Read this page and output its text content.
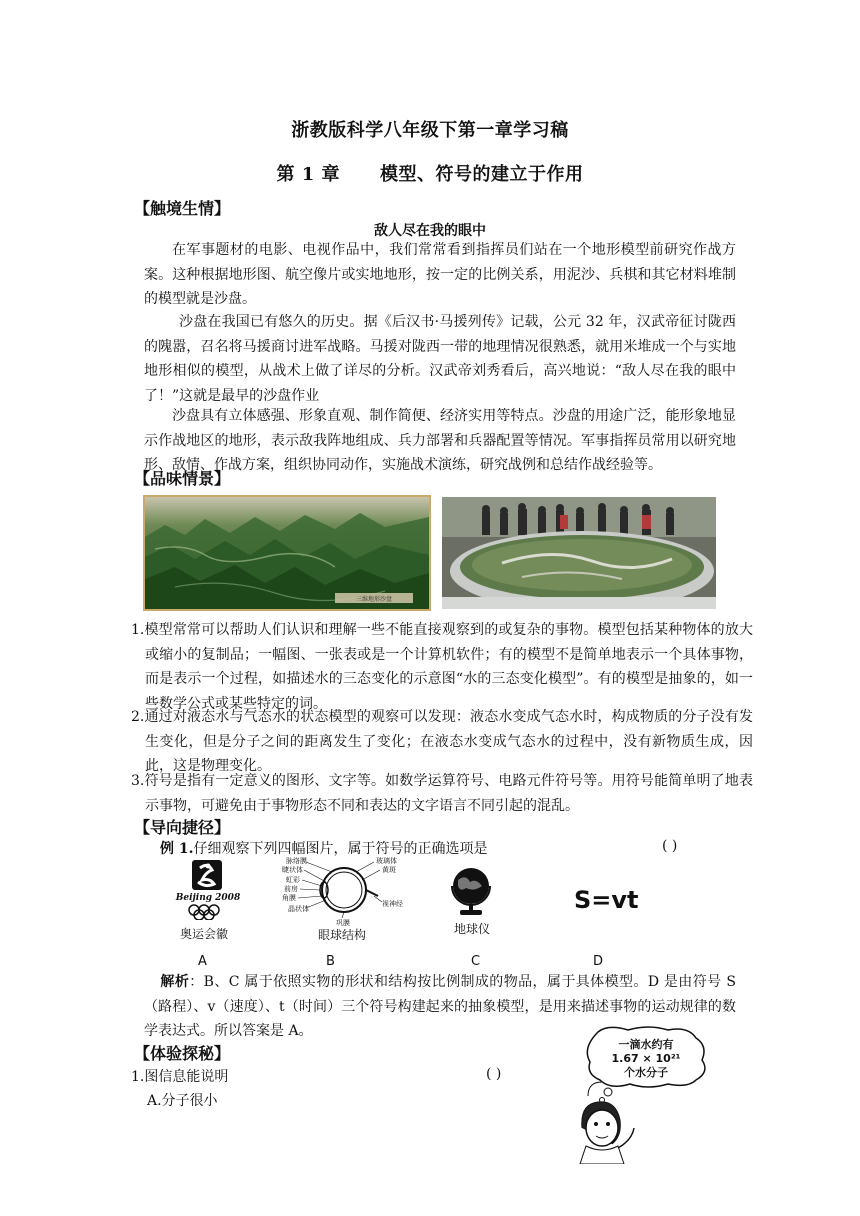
浙教版科学八年级下第一章学习稿
第 1 章 模型、符号的建立于作用
【触境生情】
敌人尽在我的眼中
在军事题材的电影、电视作品中，我们常常看到指挥员们站在一个地形模型前研究作战方案。这种根据地形图、航空像片或实地地形，按一定的比例关系，用泥沙、兵棋和其它材料堆制的模型就是沙盘。
沙盘在我国已有悠久的历史。据《后汉书·马援列传》记载，公元 32 年，汉武帝征讨陇西的隗嚣，召名将马援商讨进军战略。马援对陇西一带的地理情况很熟悉，就用米堆成一个与实地地形相似的模型，从战术上做了详尽的分析。汉武帝刘秀看后，高兴地说：“敌人尽在我的眼中了！”这就是最早的沙盘作业
沙盘具有立体感强、形象直观、制作简便、经济实用等特点。沙盘的用途广泛，能形象地显示作战地区的地形，表示敌我阵地组成、兵力部署和兵器配置等情况。军事指挥员常用以研究地形、敌情、作战方案，组织协同动作，实施战术演练，研究战例和总结作战经验等。
【品味情景】
三维地形沙盘
1.模型常常可以帮助人们认识和理解一些不能直接观察到的或复杂的事物。模型包括某种物体的放大或缩小的复制品；一幅图、一张表或是一个计算机软件；有的模型不是简单地表示一个具体事物，而是表示一个过程，如描述水的三态变化的示意图“水的三态变化模型”。有的模型是抽象的，如一些数学公式或某些特定的词。
2.通过对液态水与气态水的状态模型的观察可以发现：液态水变成气态水时，构成物质的分子没有发生变化，但是分子之间的距离发生了变化；在液态水变成气态水的过程中，没有新物质生成，因此，这是物理变化。
3.符号是指有一定意义的图形、文字等。如数学运算符号、电路元件符号等。用符号能简单明了地表示事物，可避免由于事物形态不同和表达的文字语言不同引起的混乱。
【导向捷径】
例 1.仔细观察下列四幅图片，属于符号的正确选项是	( )
Beijing 2008
奥运会徽
脉络膜	玻璃体
睫状体	黄斑
虹彩
前房
角膜
晶状体
巩膜
视神经
眼球结构	地球仪
S=vt
A	B	C	D
解析：B、C 属于依照实物的形状和结构按比例制成的物品，属于具体模型。D 是由符号 S（路程）、v（速度）、t（时间）三个符号构建起来的抽象模型，是用来描述事物的运动规律的数学表达式。所以答案是 A。
【体验探秘】
1.图信息能说明	( )
A.分子很小
一滴水约有
1.67 × 10²¹
个水分子
